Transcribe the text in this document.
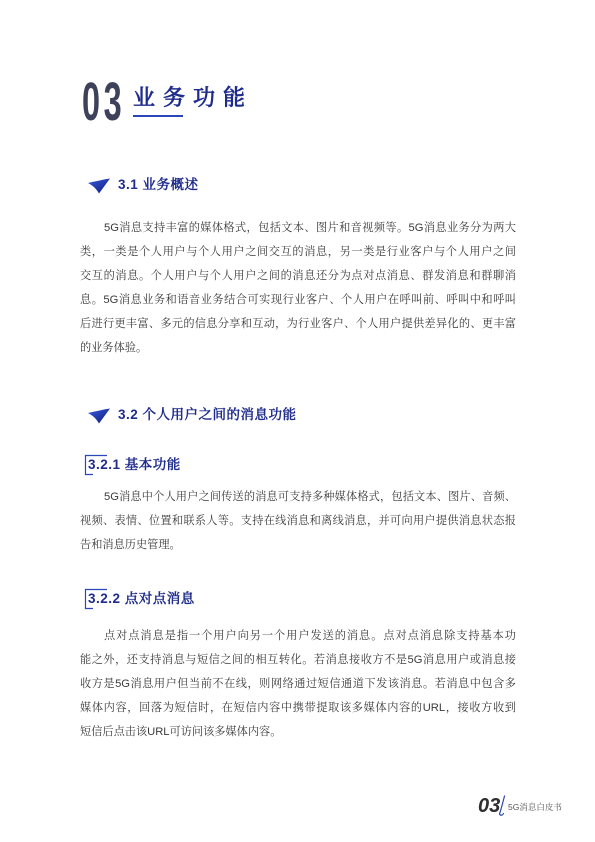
03 业务功能
3.1 业务概述
5G消息支持丰富的媒体格式，包括文本、图片和音视频等。5G消息业务分为两大
类，一类是个人用户与个人用户之间交互的消息，另一类是行业客户与个人用户之间
交互的消息。个人用户与个人用户之间的消息还分为点对点消息、群发消息和群聊消
息。5G消息业务和语音业务结合可实现行业客户、个人用户在呼叫前、呼叫中和呼叫
后进行更丰富、多元的信息分享和互动，为行业客户、个人用户提供差异化的、更丰富
的业务体验。
3.2 个人用户之间的消息功能
3.2.1 基本功能
5G消息中个人用户之间传送的消息可支持多种媒体格式，包括文本、图片、音频、
视频、表情、位置和联系人等。支持在线消息和离线消息，并可向用户提供消息状态报
告和消息历史管理。
3.2.2 点对点消息
点对点消息是指一个用户向另一个用户发送的消息。点对点消息除支持基本功
能之外，还支持消息与短信之间的相互转化。若消息接收方不是5G消息用户或消息接
收方是5G消息用户但当前不在线，则网络通过短信通道下发该消息。若消息中包含多
媒体内容，回落为短信时，在短信内容中携带提取该多媒体内容的URL，接收方收到
短信后点击该URL可访问该多媒体内容。
03 5G消息白皮书
